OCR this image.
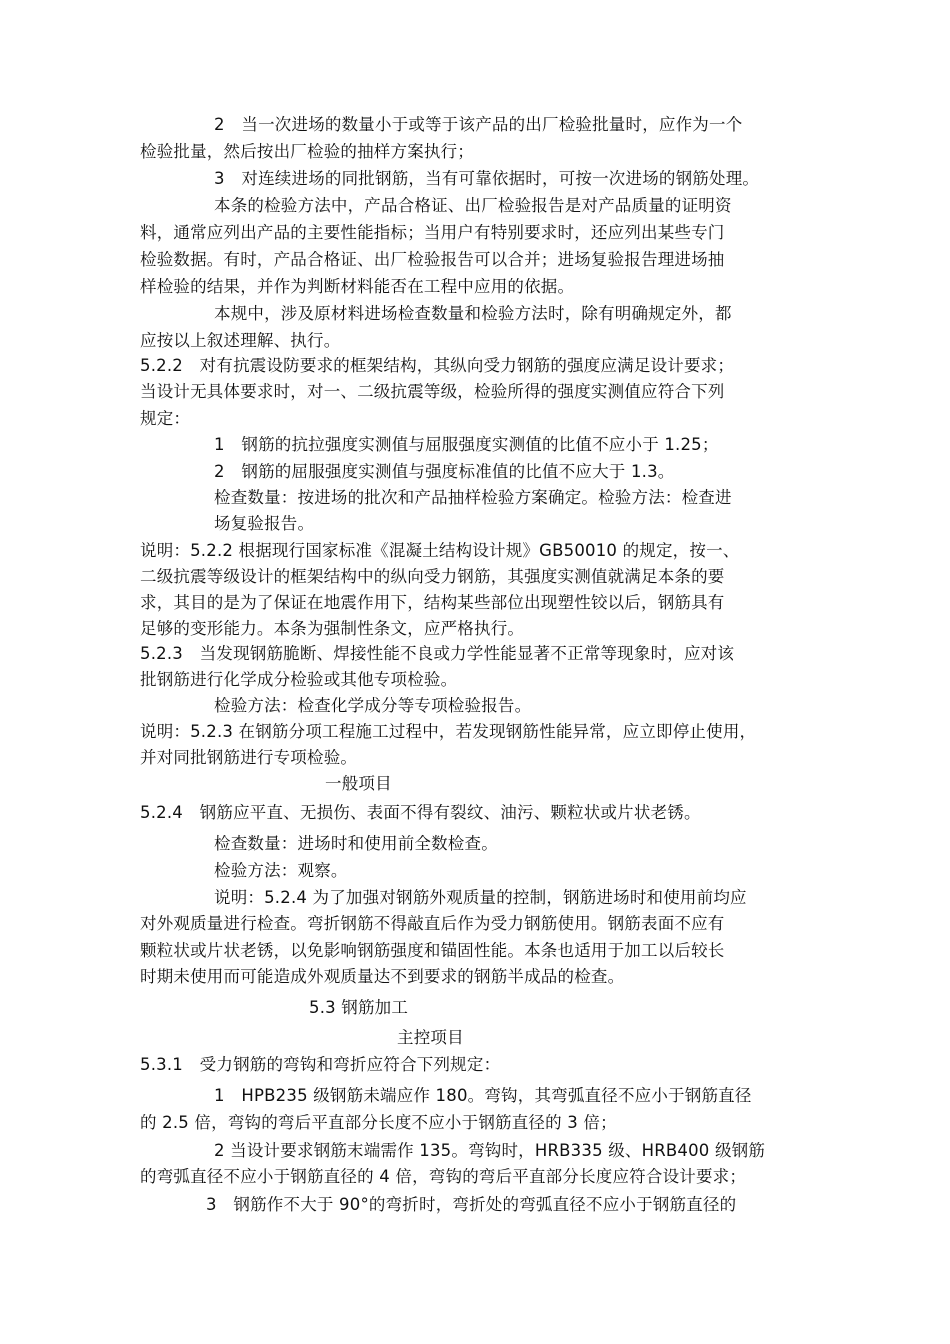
2　当一次进场的数量小于或等于该产品的出厂检验批量时，应作为一个
检验批量，然后按出厂检验的抽样方案执行；
3　对连续进场的同批钢筋，当有可靠依据时，可按一次进场的钢筋处理。
本条的检验方法中，产品合格证、出厂检验报告是对产品质量的证明资
料，通常应列出产品的主要性能指标；当用户有特别要求时，还应列出某些专门
检验数据。有时，产品合格证、出厂检验报告可以合并；进场复验报告理进场抽
样检验的结果，并作为判断材料能否在工程中应用的依据。
本规中，涉及原材料进场检查数量和检验方法时，除有明确规定外，都
应按以上叙述理解、执行。
5.2.2　对有抗震设防要求的框架结构，其纵向受力钢筋的强度应满足设计要求；
当设计无具体要求时，对一、二级抗震等级，检验所得的强度实测值应符合下列
规定：
1　钢筋的抗拉强度实测值与屈服强度实测值的比值不应小于 1.25；
2　钢筋的屈服强度实测值与强度标准值的比值不应大于 1.3。
检查数量：按进场的批次和产品抽样检验方案确定。检验方法：检查进
场复验报告。
说明：5.2.2 根据现行国家标准《混凝土结构设计规》GB50010 的规定，按一、
二级抗震等级设计的框架结构中的纵向受力钢筋，其强度实测值就满足本条的要
求，其目的是为了保证在地震作用下，结构某些部位出现塑性铰以后，钢筋具有
足够的变形能力。本条为强制性条文，应严格执行。
5.2.3　当发现钢筋脆断、焊接性能不良或力学性能显著不正常等现象时，应对该
批钢筋进行化学成分检验或其他专项检验。
检验方法：检查化学成分等专项检验报告。
说明：5.2.3 在钢筋分项工程施工过程中，若发现钢筋性能异常，应立即停止使用，
并对同批钢筋进行专项检验。
一般项目
5.2.4　钢筋应平直、无损伤、表面不得有裂纹、油污、颗粒状或片状老锈。
检查数量：进场时和使用前全数检查。
检验方法：观察。
说明：5.2.4 为了加强对钢筋外观质量的控制，钢筋进场时和使用前均应
对外观质量进行检查。弯折钢筋不得敲直后作为受力钢筋使用。钢筋表面不应有
颗粒状或片状老锈，以免影响钢筋强度和锚固性能。本条也适用于加工以后较长
时期未使用而可能造成外观质量达不到要求的钢筋半成品的检查。
5.3 钢筋加工
主控项目
5.3.1　受力钢筋的弯钩和弯折应符合下列规定：
1　HPB235 级钢筋未端应作 180。弯钩，其弯弧直径不应小于钢筋直径
的 2.5 倍，弯钩的弯后平直部分长度不应小于钢筋直径的 3 倍；
2 当设计要求钢筋末端需作 135。弯钩时，HRB335 级、HRB400 级钢筋
的弯弧直径不应小于钢筋直径的 4 倍，弯钩的弯后平直部分长度应符合设计要求；
3　钢筋作不大于 90°的弯折时，弯折处的弯弧直径不应小于钢筋直径的
